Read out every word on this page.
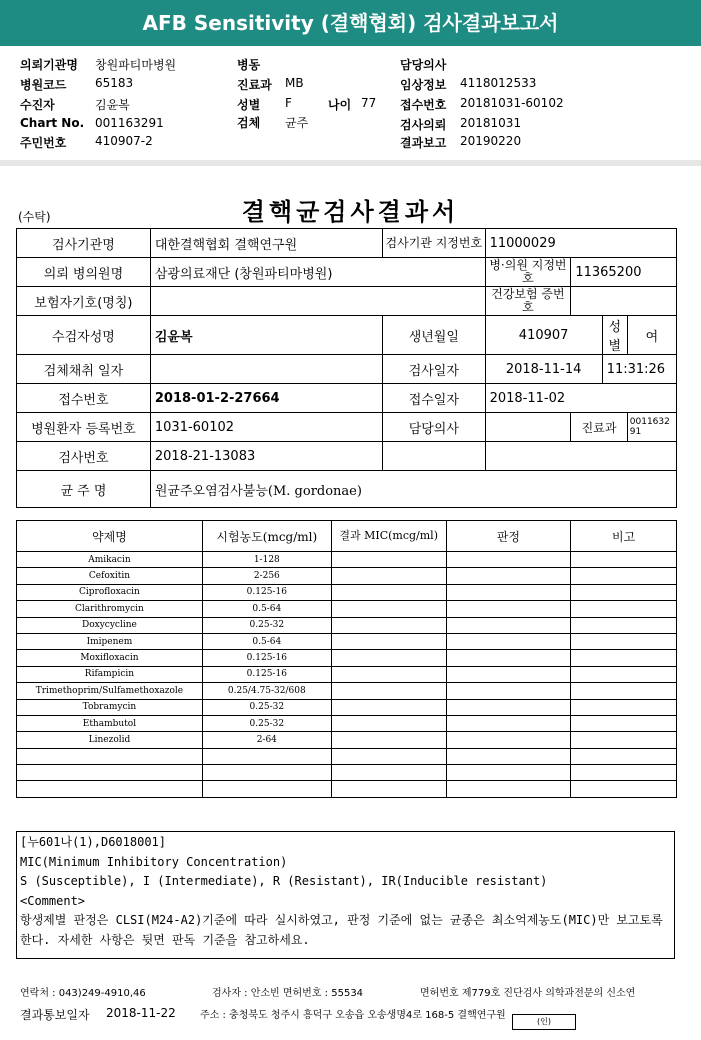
AFB Sensitivity (결핵협회) 검사결과보고서
의뢰기관명 창원파티마병원
병원코드 65183
수진자	김윤복
Chart No. 001163291
주민번호 410907-2
병동
진료과 MB
성별 F	나이 77
검체 균주
담당의사
임상정보 4118012533
접수번호 20181031-60102
검사의뢰 20181031
결과보고 20190220
결핵균검사결과서
(수탁)
검사기관명	대한결핵협회 결핵연구원	검사기관 지정번호	11000029			
의뢰 병의원명	삼광의료재단 (창원파티마병원)		병·의원 지정번호	11365200		
보험자기호(명칭)			건강보험 증번호			
수검자성명	김윤복	생년월일	410907		성별	여
검체채취 일자		검사일자	2018-11-14		11:31:26	
접수번호	2018-01-2-27664	접수일자	2018-11-02			
병원환자 등록번호	1031-60102	담당의사		진료과		001163291
검사번호	2018-21-13083					
균 주 명	원균주오염검사불능(M. gordonae)					
약제명	시험농도(mcg/ml)	결과 MIC(mcg/ml)	판정	비고
Amikacin	1-128			
Cefoxitin	2-256			
Ciprofloxacin	0.125-16			
Clarithromycin	0.5-64			
Doxycycline	0.25-32			
Imipenem	0.5-64			
Moxifloxacin	0.125-16			
Rifampicin	0.125-16			
Trimethoprim/Sulfamethoxazole	0.25/4.75-32/608			
Tobramycin	0.25-32			
Ethambutol	0.25-32			
Linezolid	2-64			

[누601나(1),D6018001]
MIC(Minimum Inhibitory Concentration)
S (Susceptible), I (Intermediate), R (Resistant), IR(Inducible resistant)
<Comment>
항생제별 판정은 CLSI(M24-A2)기준에 따라 실시하였고, 판정 기준에 없는 균종은 최소억제농도(MIC)만 보고토록 한다. 자세한 사항은 뒷면 판독 기준을 참고하세요.
연락처 : 043)249-4910,46	검사자 : 안소빈 면허번호 : 55534	면허번호 제779호 진단검사 의학과전문의 신소연
결과통보일자 2018-11-22 주소 : 충청북도 청주시 흥덕구 오송읍 오송생명4로 168-5 결핵연구원
(인)
